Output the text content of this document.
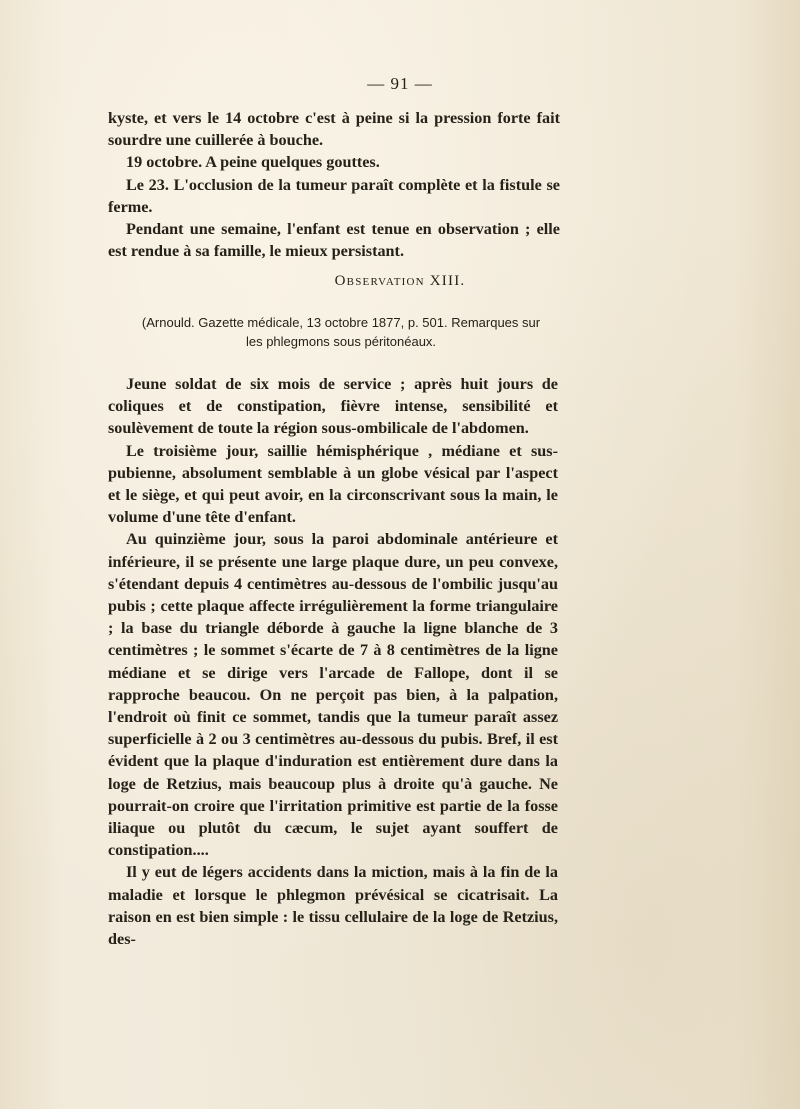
— 91 —

kyste, et vers le 14 octobre c'est à peine si la pression forte fait sourdre une cuillerée à bouche.

19 octobre. A peine quelques gouttes.

Le 23. L'occlusion de la tumeur paraît complète et la fistule se ferme.

Pendant une semaine, l'enfant est tenue en observation ; elle est rendue à sa famille, le mieux persistant.

Observation XIII.
(Arnould. Gazette médicale, 13 octobre 1877, p. 501. Remarques sur
les phlegmons sous péritonéaux.

Jeune soldat de six mois de service ; après huit jours de coliques et de constipation, fièvre intense, sensibilité et soulèvement de toute la région sous-ombilicale de l'abdomen.

Le troisième jour, saillie hémisphérique , médiane et sus-pubienne, absolument semblable à un globe vésical par l'aspect et le siège, et qui peut avoir, en la circonscrivant sous la main, le volume d'une tête d'enfant.

Au quinzième jour, sous la paroi abdominale antérieure et inférieure, il se présente une large plaque dure, un peu convexe, s'étendant depuis 4 centimètres au-dessous de l'ombilic jusqu'au pubis ; cette plaque affecte irrégulièrement la forme triangulaire ; la base du triangle déborde à gauche la ligne blanche de 3 centimètres ; le sommet s'écarte de 7 à 8 centimètres de la ligne médiane et se dirige vers l'arcade de Fallope, dont il se rapproche beaucou. On ne perçoit pas bien, à la palpation, l'endroit où finit ce sommet, tandis que la tumeur paraît assez superficielle à 2 ou 3 centimètres au-dessous du pubis. Bref, il est évident que la plaque d'induration est entièrement dure dans la loge de Retzius, mais beaucoup plus à droite qu'à gauche. Ne pourrait-on croire que l'irritation primitive est partie de la fosse iliaque ou plutôt du cæcum, le sujet ayant souffert de constipation....

Il y eut de légers accidents dans la miction, mais à la fin de la maladie et lorsque le phlegmon prévésical se cicatrisait. La raison en est bien simple : le tissu cellulaire de la loge de Retzius, des-
